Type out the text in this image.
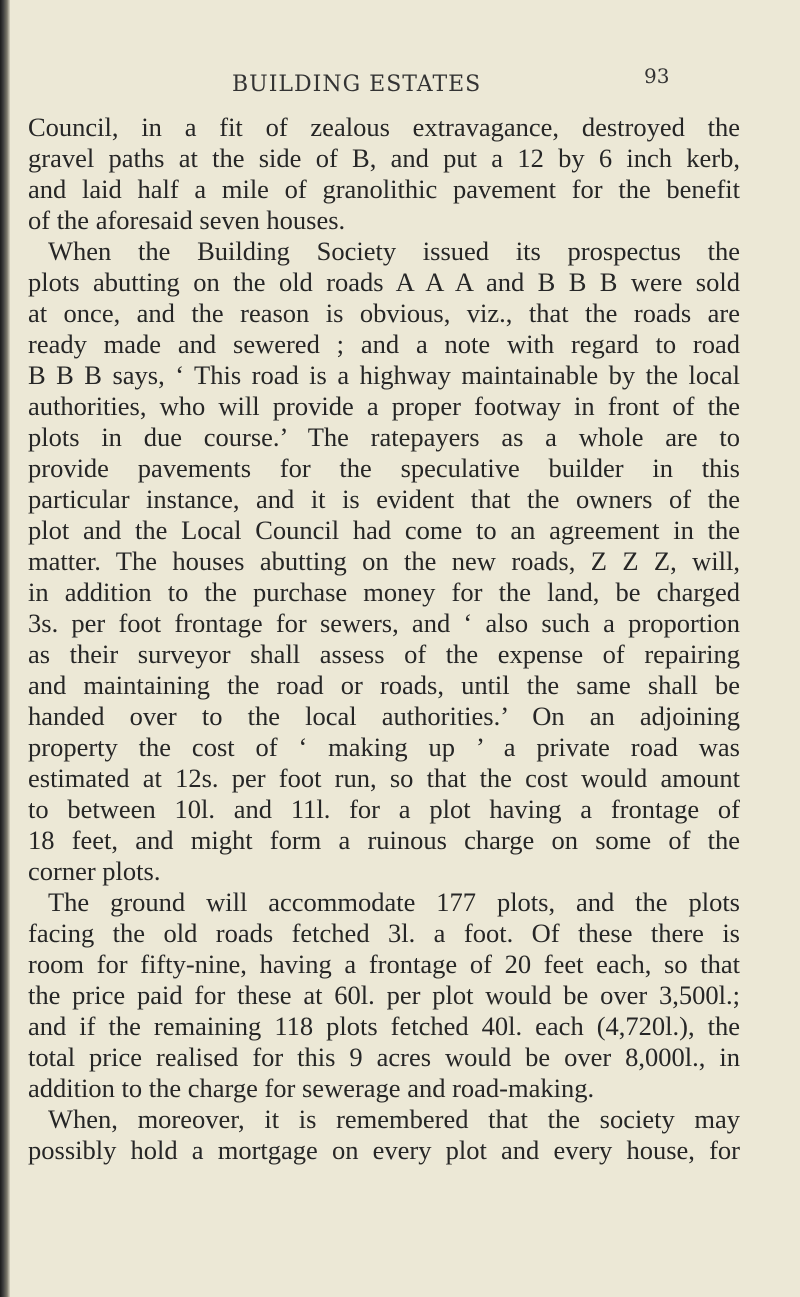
BUILDING ESTATES	93
Council, in a fit of zealous extravagance, destroyed the
gravel paths at the side of B, and put a 12 by 6 inch kerb,
and laid half a mile of granolithic pavement for the benefit
of the aforesaid seven houses.
When the Building Society issued its prospectus the
plots abutting on the old roads A A A and B B B were sold
at once, and the reason is obvious, viz., that the roads are
ready made and sewered ; and a note with regard to road
B B B says, ‘ This road is a highway maintainable by the local
authorities, who will provide a proper footway in front of the
plots in due course.’ The ratepayers as a whole are to
provide pavements for the speculative builder in this
particular instance, and it is evident that the owners of the
plot and the Local Council had come to an agreement in the
matter. The houses abutting on the new roads, Z Z Z, will,
in addition to the purchase money for the land, be charged
3s. per foot frontage for sewers, and ‘ also such a proportion
as their surveyor shall assess of the expense of repairing
and maintaining the road or roads, until the same shall be
handed over to the local authorities.’ On an adjoining
property the cost of ‘ making up ’ a private road was
estimated at 12s. per foot run, so that the cost would amount
to between 10l. and 11l. for a plot having a frontage of
18 feet, and might form a ruinous charge on some of the
corner plots.
The ground will accommodate 177 plots, and the plots
facing the old roads fetched 3l. a foot. Of these there is
room for fifty-nine, having a frontage of 20 feet each, so that
the price paid for these at 60l. per plot would be over 3,500l.;
and if the remaining 118 plots fetched 40l. each (4,720l.), the
total price realised for this 9 acres would be over 8,000l., in
addition to the charge for sewerage and road-making.
When, moreover, it is remembered that the society may
possibly hold a mortgage on every plot and every house, for
